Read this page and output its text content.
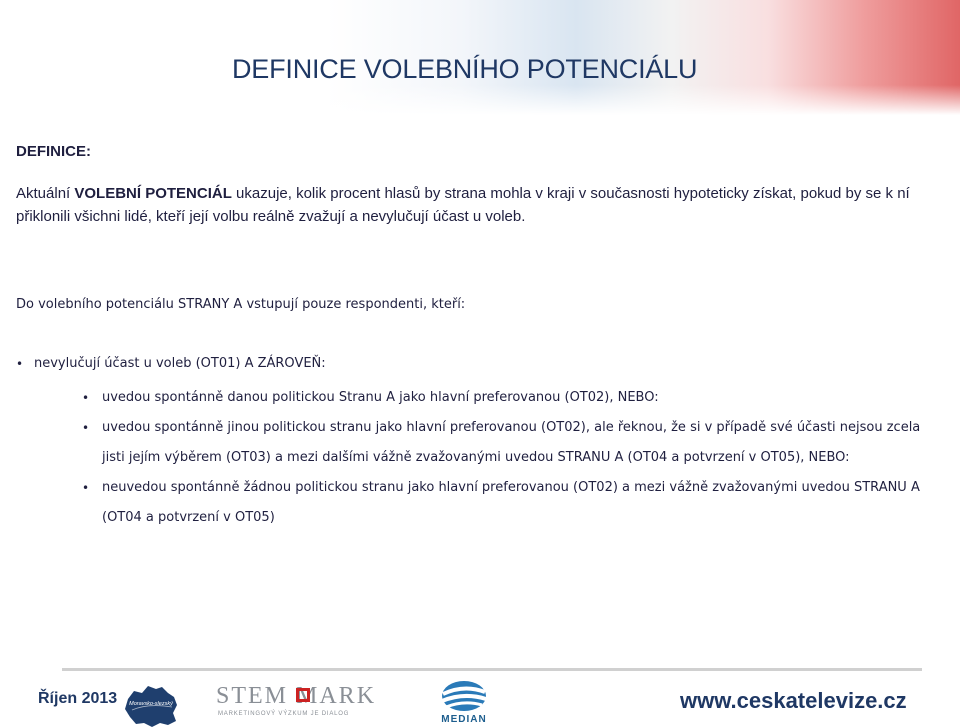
DEFINICE VOLEBNÍHO POTENCIÁLU

DEFINICE:

Aktuální VOLEBNÍ POTENCIÁL ukazuje, kolik procent hlasů by strana mohla v kraji v současnosti hypoteticky získat, pokud by se k ní přiklonili všichni lidé, kteří její volbu reálně zvažují a nevylučují účast u voleb.

Do volebního potenciálu STRANY A vstupují pouze respondenti, kteří:

• nevylučují účast u voleb (OT01) A ZÁROVEŇ:
• uvedou spontánně danou politickou Stranu A jako hlavní preferovanou (OT02), NEBO:
• uvedou spontánně jinou politickou stranu jako hlavní preferovanou (OT02), ale řeknou, že si v případě své účasti nejsou zcela jisti jejím výběrem (OT03) a mezi dalšími vážně zvažovanými uvedou STRANU A (OT04 a potvrzení v OT05), NEBO:
• neuvedou spontánně žádnou politickou stranu jako hlavní preferovanou (OT02) a mezi vážně zvažovanými uvedou STRANU A (OT04 a potvrzení v OT05)
Říjen 2013 Moravsko-slezský STEM MARK
MARKETINGOVÝ VÝZKUM JE DIALOG	MEDIAN
www.ceskatelevize.cz
